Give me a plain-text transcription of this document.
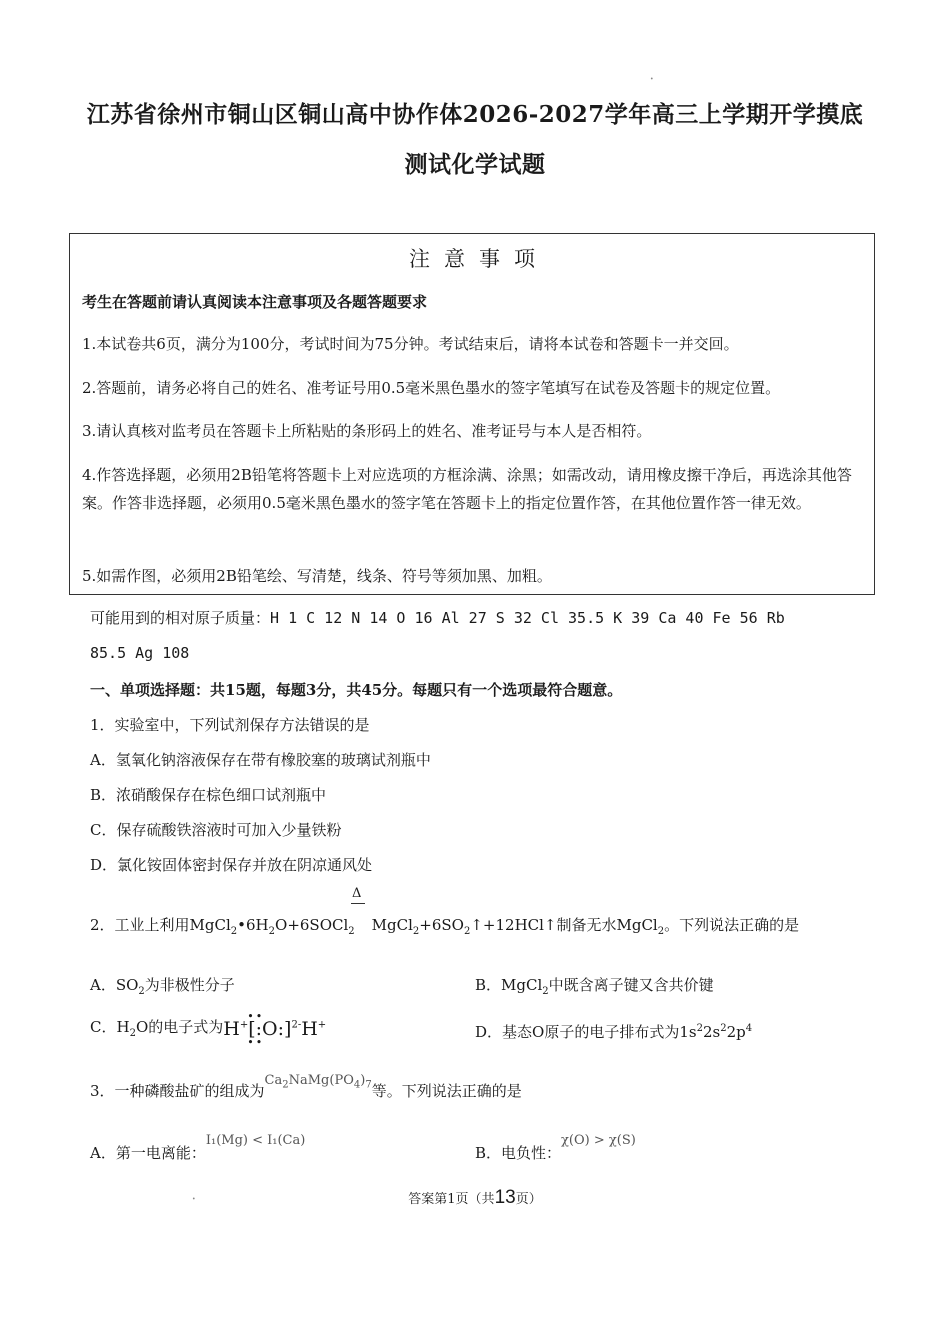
江苏省徐州市铜山区铜山高中协作体2026-2027学年高三上学期开学摸底
测试化学试题
注意事项
考生在答题前请认真阅读本注意事项及各题答题要求
1.本试卷共6页，满分为100分，考试时间为75分钟。考试结束后，请将本试卷和答题卡一并交回。
2.答题前，请务必将自己的姓名、准考证号用0.5毫米黑色墨水的签字笔填写在试卷及答题卡的规定位置。
3.请认真核对监考员在答题卡上所粘贴的条形码上的姓名、准考证号与本人是否相符。
4.作答选择题，必须用2B铅笔将答题卡上对应选项的方框涂满、涂黑；如需改动，请用橡皮擦干净后，再选涂其他答案。作答非选择题，必须用0.5毫米黑色墨水的签字笔在答题卡上的指定位置作答，在其他位置作答一律无效。
5.如需作图，必须用2B铅笔绘、写清楚，线条、符号等须加黑、加粗。
可能用到的相对原子质量：H 1 C 12 N 14 O 16 Al 27 S 32 Cl 35.5 K 39 Ca 40 Fe 56 Rb
85.5 Ag 108
一、单项选择题：共15题，每题3分，共45分。每题只有一个选项最符合题意。
1．实验室中，下列试剂保存方法错误的是
A．氢氧化钠溶液保存在带有橡胶塞的玻璃试剂瓶中
B．浓硝酸保存在棕色细口试剂瓶中
C．保存硫酸铁溶液时可加入少量铁粉
D．氯化铵固体密封保存并放在阴凉通风处
Δ
2．工业上利用$MgCl_2•6H_2O+6SOCl_2$ $MgCl_2+6SO_2↑+12HCl↑$制备无水MgCl$_2$。下列说法正确的是
A．$SO_2$为非极性分子	B．MgCl$_2$中既含离子键又含共价键
C．$H_2O$的电子式为H+[:O:]$^{2-}$H+
••
••
D．基态O原子的电子排布式为$1s^22s^22p^4$
3．一种磷酸盐矿的组成为$Ca_2NaMg(PO_4)_7$等。下列说法正确的是
A．第一电离能：I₁(Mg) < I₁(Ca)
B．电负性：χ(O) > χ(S)
答案第1页（共13页）
•
•
